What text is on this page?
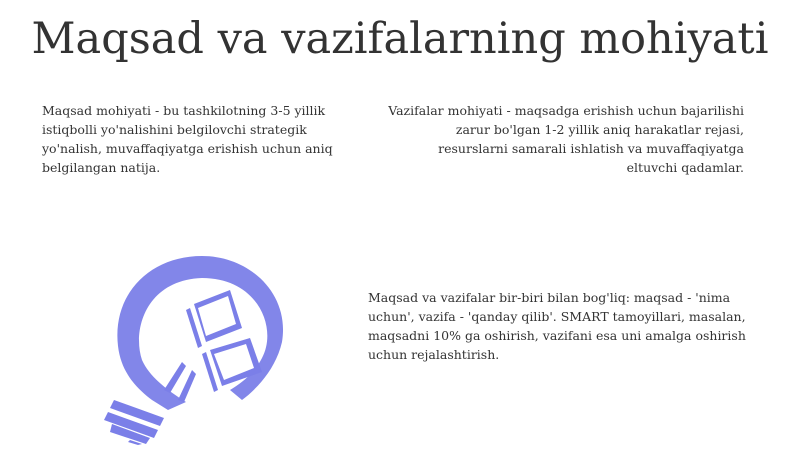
Maqsad va vazifalarning mohiyati
Maqsad mohiyati - bu tashkilotning 3-5 yillik istiqbolli yo'nalishini belgilovchi strategik yo'nalish, muvaffaqiyatga erishish uchun aniq belgilangan natija.
Vazifalar mohiyati - maqsadga erishish uchun bajarilishi zarur bo'lgan 1-2 yillik aniq harakatlar rejasi, resurslarni samarali ishlatish va muvaffaqiyatga eltuvchi qadamlar.
Maqsad va vazifalar bir-biri bilan bog'liq: maqsad - 'nima uchun', vazifa - 'qanday qilib'. SMART tamoyillari, masalan, maqsadni 10% ga oshirish, vazifani esa uni amalga oshirish uchun rejalashtirish.
